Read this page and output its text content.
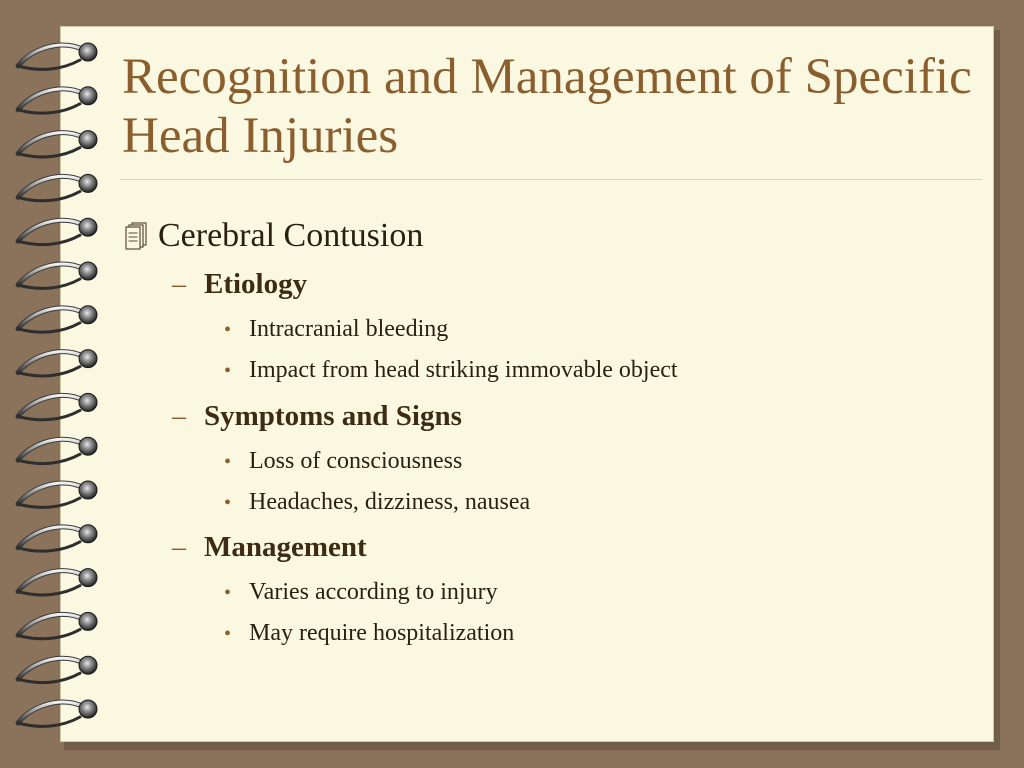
Recognition and Management of Specific Head Injuries
Cerebral Contusion
– Etiology
• Intracranial bleeding
• Impact from head striking immovable object
– Symptoms and Signs
• Loss of consciousness
• Headaches, dizziness, nausea
– Management
• Varies according to injury
• May require hospitalization
